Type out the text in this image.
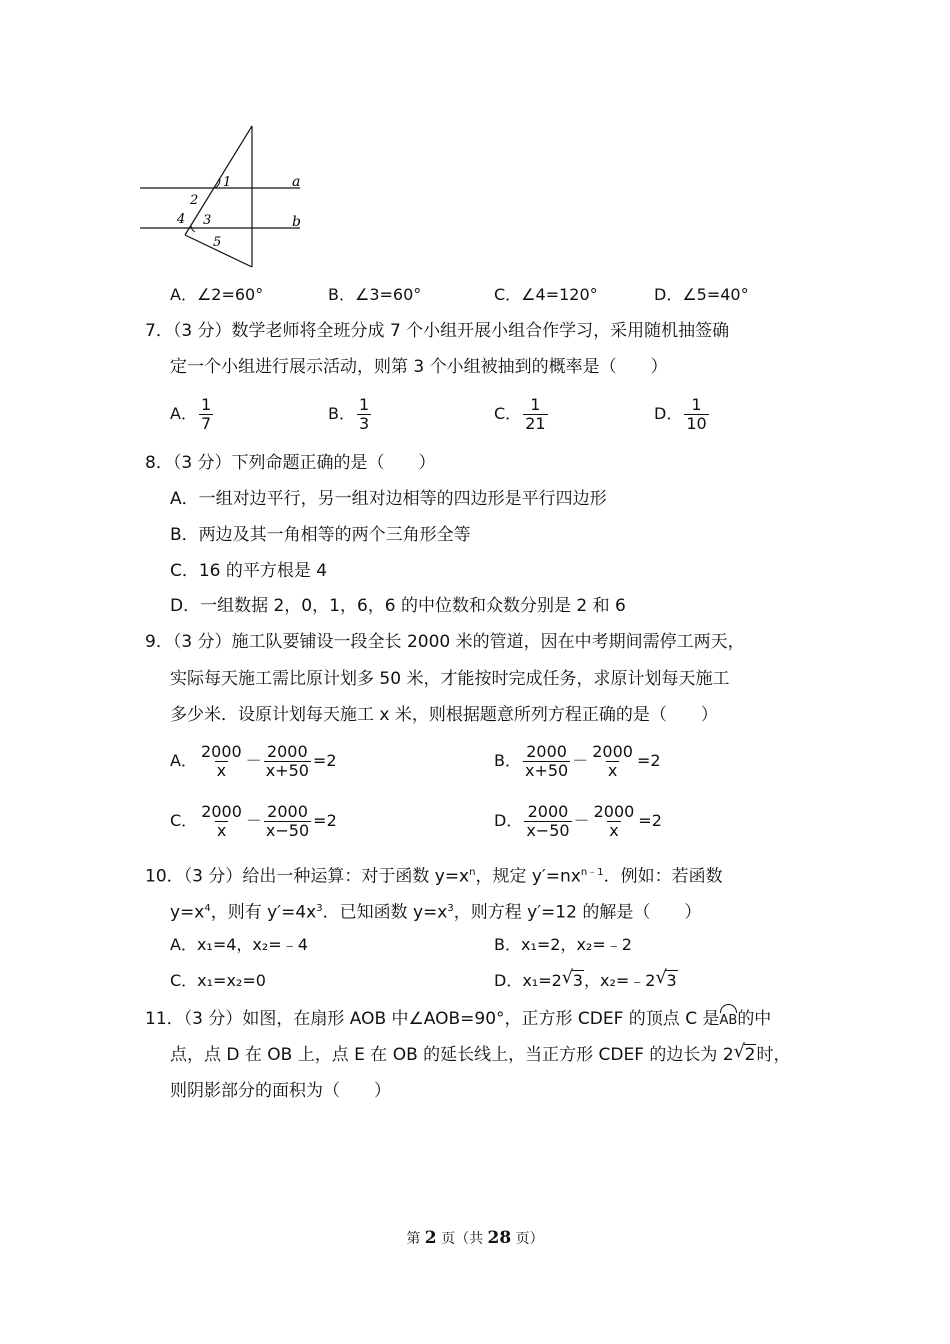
1
2
3
4
5
a
b
A．∠2=60°	B．∠3=60°	C．∠4=120°	D．∠5=40°
7．（3 分）数学老师将全班分成 7 个小组开展小组合作学习，采用随机抽签确
定一个小组进行展示活动，则第 3 个小组被抽到的概率是（　　）
A． $\frac{1}{7}$	B． $\frac{1}{3}$	C． $\frac{1}{21}$	D． $\frac{1}{10}$
8．（3 分）下列命题正确的是（　　）
A．一组对边平行，另一组对边相等的四边形是平行四边形
B．两边及其一角相等的两个三角形全等
C．16 的平方根是 4
D．一组数据 2，0，1，6，6 的中位数和众数分别是 2 和 6
9．（3 分）施工队要铺设一段全长 2000 米的管道，因在中考期间需停工两天，
实际每天施工需比原计划多 50 米，才能按时完成任务，求原计划每天施工
多少米．设原计划每天施工 x 米，则根据题意所列方程正确的是（　　）
A． $\frac{2000}{x} - \frac{2000}{x+50} =2$	B． $\frac{2000}{x+50} - \frac{2000}{x} =2$
C． $\frac{2000}{x} - \frac{2000}{x-50} =2$	D． $\frac{2000}{x-50} - \frac{2000}{x} =2$
10．（3 分）给出一种运算：对于函数 $y=x^n$，规定 $y'=nx^{n﹣1}$．例如：若函数
$y=x^4$，则有 $y'=4x^3$．已知函数 $y=x^3$，则方程 y′=12 的解是（　　）
A．x₁=4，x₂=﹣4	B．x₁=2，x₂=﹣2
C．x₁=x₂=0	D．x₁=2 √ 3，x₂=﹣2 √ 3
11．（3 分）如图，在扇形 AOB 中∠AOB=90°，正方形 CDEF 的顶点 C 是AB的中
点，点 D 在 OB 上，点 E 在 OB 的延长线上，当正方形 CDEF 的边长为 2 √ 2时，
则阴影部分的面积为（　　）
第 2 页（共 28 页）
